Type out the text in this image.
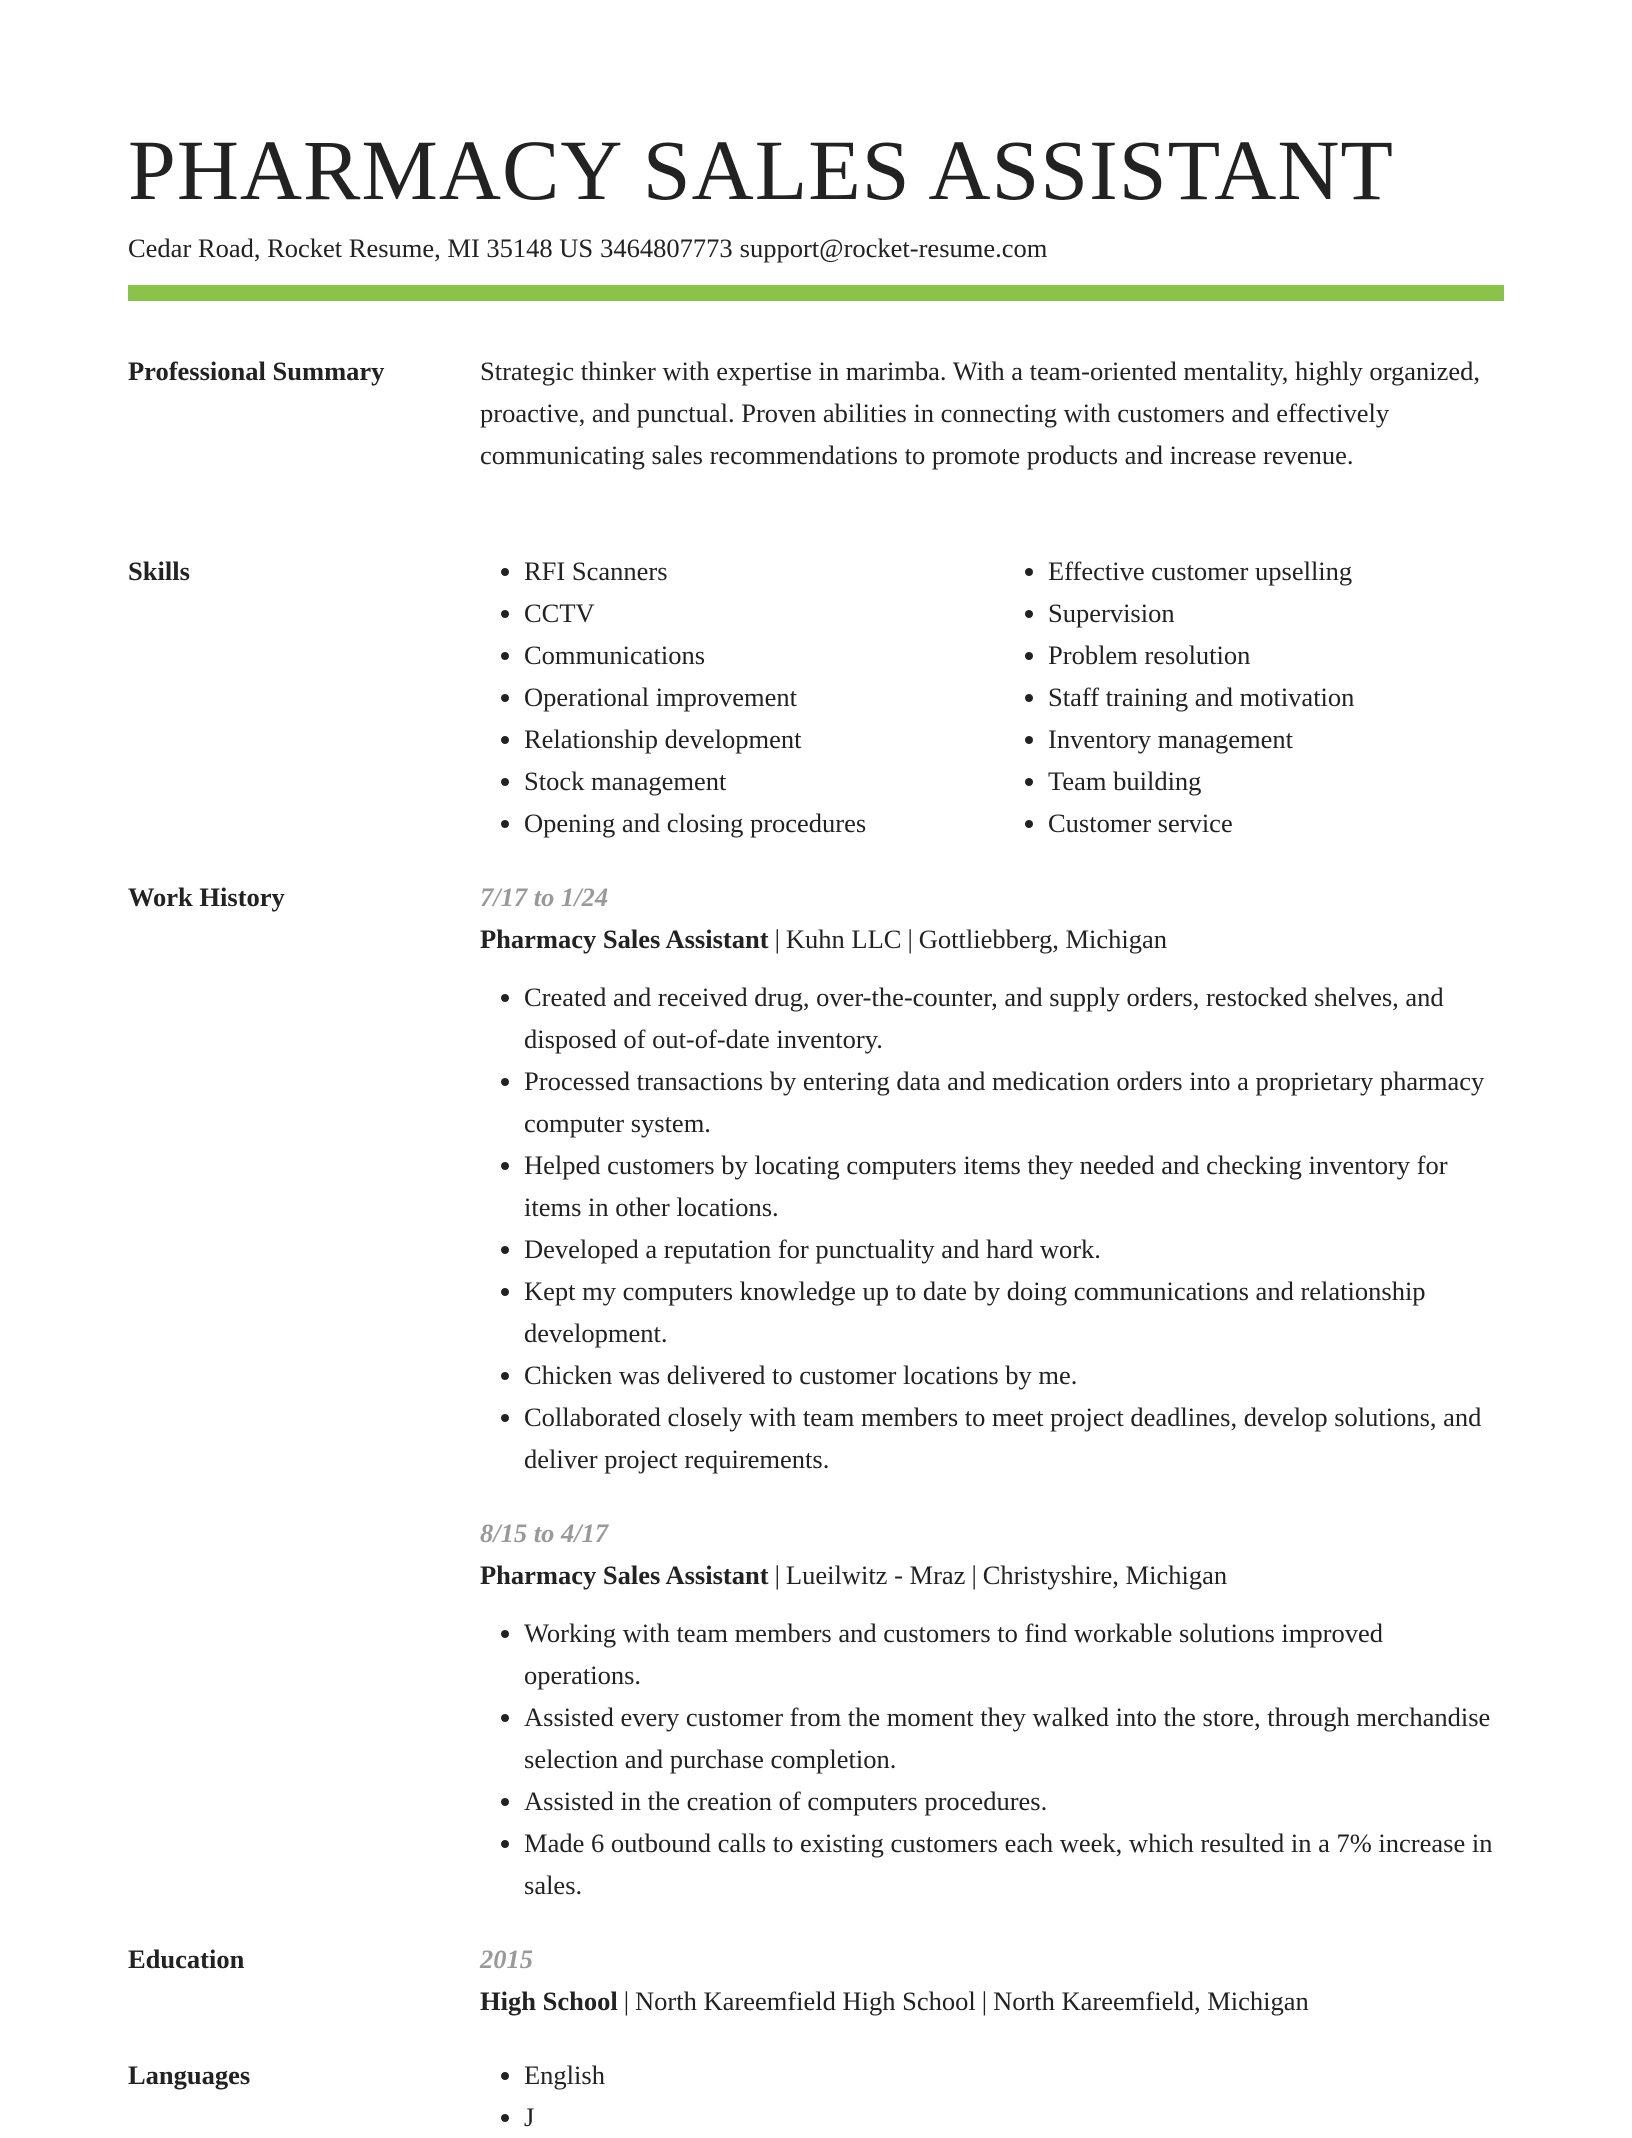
PHARMACY SALES ASSISTANT
Cedar Road, Rocket Resume, MI 35148 US 3464807773 support@rocket-resume.com
Professional Summary	Strategic thinker with expertise in marimba. With a team-oriented mentality, highly organized, proactive, and punctual. Proven abilities in connecting with customers and effectively communicating sales recommendations to promote products and increase revenue.

Skills	• RFI Scanners
• CCTV
• Communications
• Operational improvement
• Relationship development
• Stock management
• Opening and closing procedures
• Effective customer upselling
• Supervision
• Problem resolution
• Staff training and motivation
• Inventory management
• Team building
• Customer service
Work History	7/17 to 1/24
Pharmacy Sales Assistant | Kuhn LLC | Gottliebberg, Michigan
• Created and received drug, over-the-counter, and supply orders, restocked shelves, and disposed of out-of-date inventory.
• Processed transactions by entering data and medication orders into a proprietary pharmacy computer system.
• Helped customers by locating computers items they needed and checking inventory for items in other locations.
• Developed a reputation for punctuality and hard work.
• Kept my computers knowledge up to date by doing communications and relationship development.
• Chicken was delivered to customer locations by me.
• Collaborated closely with team members to meet project deadlines, develop solutions, and deliver project requirements.
8/15 to 4/17
Pharmacy Sales Assistant | Lueilwitz - Mraz | Christyshire, Michigan
• Working with team members and customers to find workable solutions improved operations.
• Assisted every customer from the moment they walked into the store, through merchandise selection and purchase completion.
• Assisted in the creation of computers procedures.
• Made 6 outbound calls to existing customers each week, which resulted in a 7% increase in sales.
Education	2015
High School | North Kareemfield High School | North Kareemfield, Michigan
Languages	• English
• J
